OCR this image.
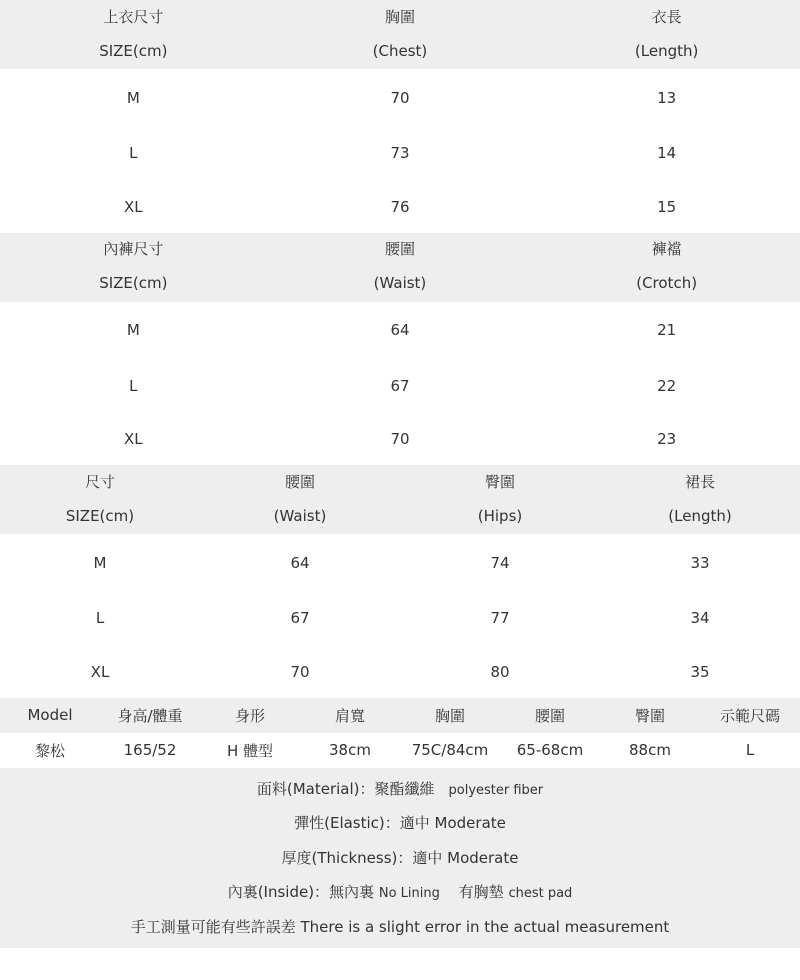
上衣尺寸	胸圍	衣長
SIZE(cm)	(Chest)	(Length)
M	70	13
L	73	14
XL	76	15
內褲尺寸	腰圍	褲襠
SIZE(cm)	(Waist)	(Crotch)
M	64	21
L	67	22
XL	70	23
尺寸	腰圍	臀圍	裙長
SIZE(cm)	(Waist)	(Hips)	(Length)
M	64	74	33
L	67	77	34
XL	70	80	35
Model	身高/體重	身形	肩寬	胸圍	腰圍	臀圍	示範尺碼
黎松	165/52	H 體型	38cm	75C/84cm	65-68cm	88cm	L
面料(Material)：聚酯纖維 polyester fiber
彈性(Elastic)：適中 Moderate
厚度(Thickness)：適中 Moderate
內裏(Inside)：無內裏 No Lining 有胸墊 chest pad
手工測量可能有些許誤差 There is a slight error in the actual measurement
